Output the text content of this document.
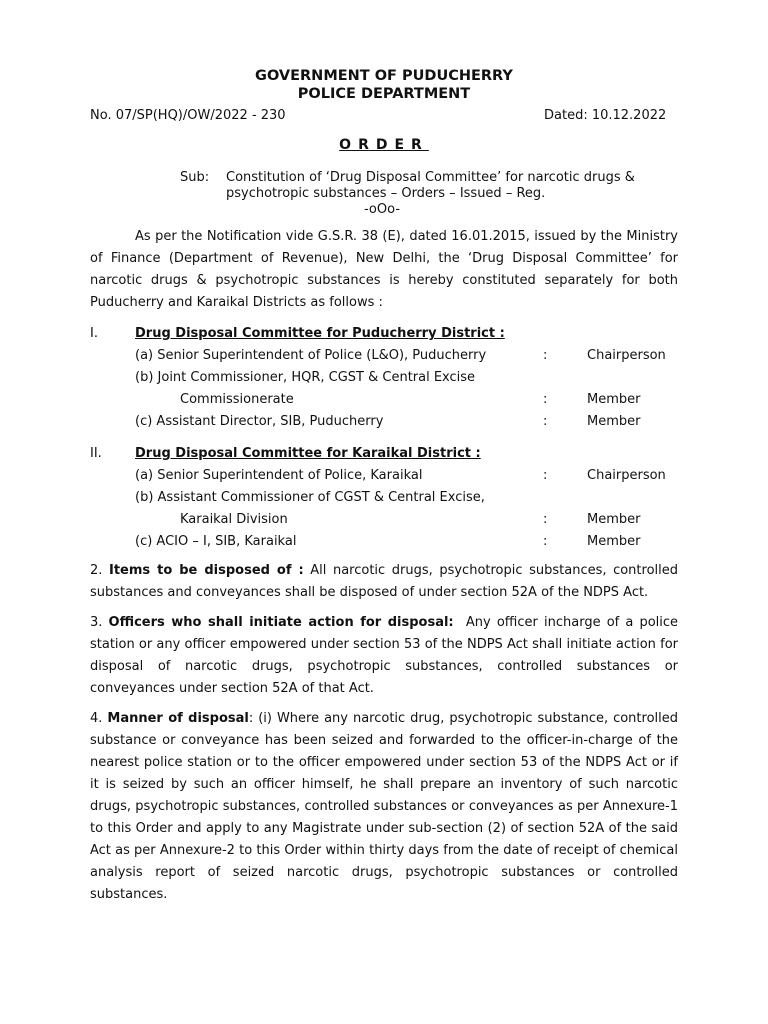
GOVERNMENT OF PUDUCHERRY
POLICE DEPARTMENT
No. 07/SP(HQ)/OW/2022 - 230	Dated: 10.12.2022
ORDER
Sub: Constitution of ‘Drug Disposal Committee’ for narcotic drugs &
psychotropic substances – Orders – Issued – Reg.
-oOo-

As per the Notification vide G.S.R. 38 (E), dated 16.01.2015, issued by the Ministry of Finance (Department of Revenue), New Delhi, the ‘Drug Disposal Committee’ for narcotic drugs & psychotropic substances is hereby constituted separately for both Puducherry and Karaikal Districts as follows :

I.	Drug Disposal Committee for Puducherry District :
(a) Senior Superintendent of Police (L&O), Puducherry	:	Chairperson
(b) Joint Commissioner, HQR, CGST & Central Excise
Commissionerate	:	Member
(c) Assistant Director, SIB, Puducherry	:	Member
II.	Drug Disposal Committee for Karaikal District :
(a) Senior Superintendent of Police, Karaikal	:	Chairperson
(b) Assistant Commissioner of CGST & Central Excise,
Karaikal Division	:	Member
(c) ACIO – I, SIB, Karaikal	:	Member

2. Items to be disposed of : All narcotic drugs, psychotropic substances, controlled substances and conveyances shall be disposed of under section 52A of the NDPS Act.

3. Officers who shall initiate action for disposal: Any officer incharge of a police station or any officer empowered under section 53 of the NDPS Act shall initiate action for disposal of narcotic drugs, psychotropic substances, controlled substances or conveyances under section 52A of that Act.

4. Manner of disposal: (i) Where any narcotic drug, psychotropic substance, controlled substance or conveyance has been seized and forwarded to the officer-in-charge of the nearest police station or to the officer empowered under section 53 of the NDPS Act or if it is seized by such an officer himself, he shall prepare an inventory of such narcotic drugs, psychotropic substances, controlled substances or conveyances as per Annexure-1 to this Order and apply to any Magistrate under sub-section (2) of section 52A of the said Act as per Annexure-2 to this Order within thirty days from the date of receipt of chemical analysis report of seized narcotic drugs, psychotropic substances or controlled substances.
